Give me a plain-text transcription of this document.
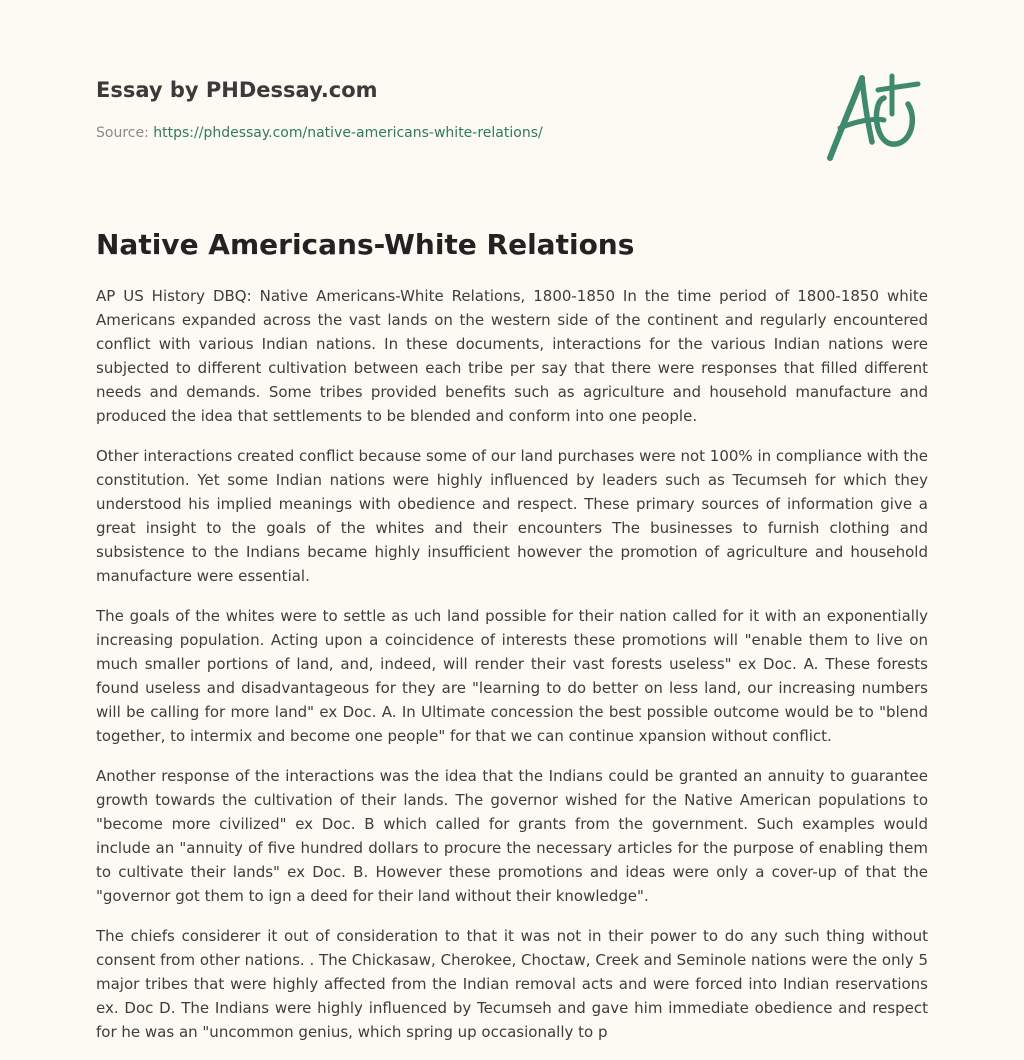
Essay by PHDessay.com
Source: https://phdessay.com/native-americans-white-relations/
Native Americans-White Relations

AP US History DBQ: Native Americans-White Relations, 1800-1850 In the time period of 1800-1850 white Americans expanded across the vast lands on the western side of the continent and regularly encountered conflict with various Indian nations. In these documents, interactions for the various Indian nations were subjected to different cultivation between each tribe per say that there were responses that filled different needs and demands. Some tribes provided benefits such as agriculture and household manufacture and produced the idea that settlements to be blended and conform into one people.

Other interactions created conflict because some of our land purchases were not 100% in compliance with the constitution. Yet some Indian nations were highly influenced by leaders such as Tecumseh for which they understood his implied meanings with obedience and respect. These primary sources of information give a great insight to the goals of the whites and their encounters The businesses to furnish clothing and subsistence to the Indians became highly insufficient however the promotion of agriculture and household manufacture were essential.

The goals of the whites were to settle as uch land possible for their nation called for it with an exponentially increasing population. Acting upon a coincidence of interests these promotions will "enable them to live on much smaller portions of land, and, indeed, will render their vast forests useless" ex Doc. A. These forests found useless and disadvantageous for they are "learning to do better on less land, our increasing numbers will be calling for more land" ex Doc. A. In Ultimate concession the best possible outcome would be to "blend together, to intermix and become one people" for that we can continue xpansion without conflict.

Another response of the interactions was the idea that the Indians could be granted an annuity to guarantee growth towards the cultivation of their lands. The governor wished for the Native American populations to "become more civilized" ex Doc. B which called for grants from the government. Such examples would include an "annuity of five hundred dollars to procure the necessary articles for the purpose of enabling them to cultivate their lands" ex Doc. B. However these promotions and ideas were only a cover-up of that the "governor got them to ign a deed for their land without their knowledge".

The chiefs considerer it out of consideration to that it was not in their power to do any such thing without consent from other nations. . The Chickasaw, Cherokee, Choctaw, Creek and Seminole nations were the only 5 major tribes that were highly affected from the Indian removal acts and were forced into Indian reservations ex. Doc D. The Indians were highly influenced by Tecumseh and gave him immediate obedience and respect for he was an "uncommon genius, which spring up occasionally to p
